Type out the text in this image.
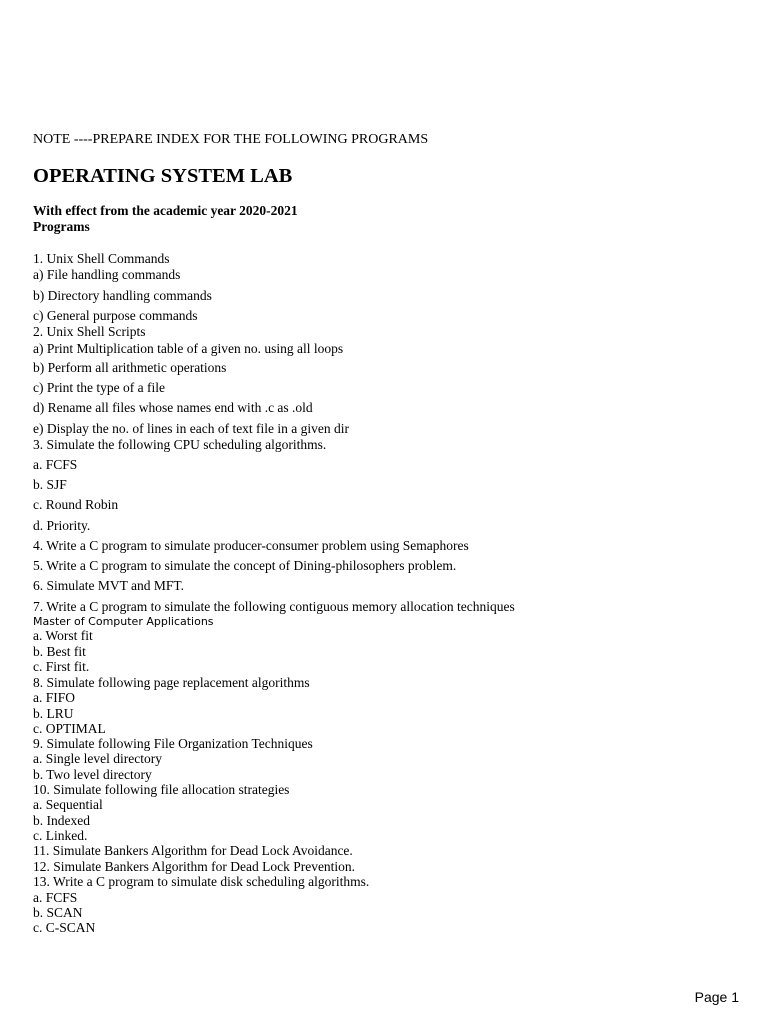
NOTE ----PREPARE INDEX FOR THE FOLLOWING PROGRAMS
OPERATING SYSTEM LAB
With effect from the academic year 2020-2021
Programs
1. Unix Shell Commands
a) File handling commands
b) Directory handling commands
c) General purpose commands
2. Unix Shell Scripts
a) Print Multiplication table of a given no. using all loops
b) Perform all arithmetic operations
c) Print the type of a file
d) Rename all files whose names end with .c as .old
e) Display the no. of lines in each of text file in a given dir
3. Simulate the following CPU scheduling algorithms.
a. FCFS
b. SJF
c. Round Robin
d. Priority.
4. Write a C program to simulate producer-consumer problem using Semaphores
5. Write a C program to simulate the concept of Dining-philosophers problem.
6. Simulate MVT and MFT.
7. Write a C program to simulate the following contiguous memory allocation techniques
Master of Computer Applications
a. Worst fit
b. Best fit
c. First fit.
8. Simulate following page replacement algorithms
a. FIFO
b. LRU
c. OPTIMAL
9. Simulate following File Organization Techniques
a. Single level directory
b. Two level directory
10. Simulate following file allocation strategies
a. Sequential
b. Indexed
c. Linked.
11. Simulate Bankers Algorithm for Dead Lock Avoidance.
12. Simulate Bankers Algorithm for Dead Lock Prevention.
13. Write a C program to simulate disk scheduling algorithms.
a. FCFS
b. SCAN
c. C-SCAN
Page 1
